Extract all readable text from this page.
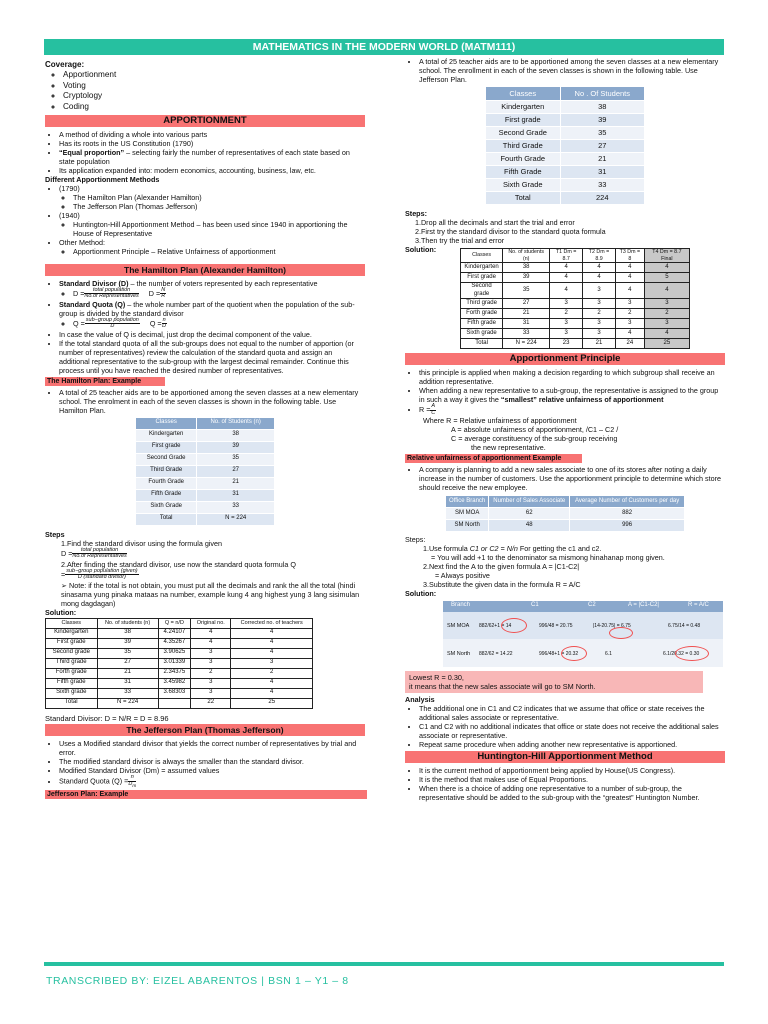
MATHEMATICS IN THE MODERN WORLD (MATM111)
Coverage:
◦ Apportionment
◦ Voting
◦ Cryptology
◦ Coding
APPORTIONMENT
• A method of dividing a whole into various parts
• Has its roots in the US Constitution (1790)
• “Equal proportion” – selecting fairly the number of representatives of each state based on state population
• Its application expanded into: modern economics, accounting, business, law, etc.
Different Apportionment Methods
• (1790)
◦ The Hamilton Plan (Alexander Hamilton)
◦ The Jefferson Plan (Thomas Jefferson)
• (1940)
◦ Huntington-Hill Apportionment Method – has been used since 1940 in apportioning the House of Representative
• Other Method:
◦ Apportionment Principle – Relative Unfairness of apportionment
The Hamilton Plan (Alexander Hamilton)
• Standard Divisor (D) – the number of voters represented by each representative
◦ $D = \frac{\text{total population}}{\text{No.of Representatives}}$ $D = \frac{N}{R}$
• Standard Quota (Q) – the whole number part of the quotient when the population of the sub-group is divided by the standard divisor
◦ $Q = \frac{\text{sub−group population}}{D}$ $Q = \frac{n}{D}$
• In case the value of Q is decimal, just drop the decimal component of the value.
• If the total standard quota of all the sub-groups does not equal to the number of apportion (or number of representatives) review the calculation of the standard quota and assign an additional representative to the sub-group with the largest decimal remainder. Continue this process until you have reached the desired number of representatives.
The Hamilton Plan: Example
• A total of 25 teacher aids are to be apportioned among the seven classes at a new elementary school. The enrolment in each of the seven classes is shown in the following table. Use Hamilton Plan.
Classes	No. of Students (n)
Kindergarten	38
First grade	39
Second Grade	35
Third Grade	27
Fourth Grade	21
Fifth Grade	31
Sixth Grade	33
Total	N = 224
Steps
1.Find the standard divisor using the formula given
$D = \frac{\text{total population}}{\text{No.of Representatives}}$
2.After finding the standard divisor, use now the standard quota formula Q
= $\frac{\text{sub−group population (given)}}{\text{D (standard divisor)}}$
➢ Note: if the total is not obtain, you must put all the decimals and rank the all the total (hindi sinasama yung pinaka mataas na number, example kung 4 ang highest yung 3 lang sisimulan mong dagdagan)
Solution:
Classes	No. of students (n)	Q = n/D	Original no.	Corrected no. of teachers
Kindergarten	38	4.24107	4	4
First grade	39	4.35267	4	4
Second grade	35	3.90625	3	4
Third grade	27	3.01339	3	3
Forth grade	21	2.34375	2	2
Fifth grade	31	3.45982	3	4
Sixth grade	33	3.68303	3	4
Total	N = 224		22	25
Standard Divisor: D = N/R = D = 8.96
The Jefferson Plan (Thomas Jefferson)
• Uses a Modified standard divisor that yields the correct number of representatives by trial and error.
• The modified standard divisor is always the smaller than the standard divisor.
• Modified Standard Divisor (Dm) = assumed values
• Standard Quota $(Q) = \frac{n}{D_m}$
Jefferson Plan: Example
• A total of 25 teacher aids are to be apportioned among the seven classes at a new elementary school. The enrollment in each of the seven classes is shown in the following table. Use Jefferson Plan.
Classes	No . Of Students
Kindergarten	38
First grade	39
Second Grade	35
Third Grade	27
Fourth Grade	21
Fifth Grade	31
Sixth Grade	33
Total	224
Steps:
1.Drop all the decimals and start the trial and error
2.First try the standard divisor to the standard quota formula
3.Then try the trial and error
Solution:
Classes	No. of students (n)	T1 Dm = 8.7	T2 Dm = 8.9	T3 Dm = 8	T4 Dm = 8.7 Final
Kindergarten	38	4	4	4	4
First grade	39	4	4	4	5
Second grade	35	4	3	4	4
Third grade	27	3	3	3	3
Forth grade	21	2	2	2	2
Fifth grade	31	3	3	3	3
Sixth grade	33	3	3	4	4
Total	N = 224	23	21	24	25
Apportionment Principle
• this principle is applied when making a decision regarding to which subgroup shall receive an addition representative.
• When adding a new representative to a sub-group, the representative is assigned to the group in such a way it gives the “smallest” relative unfairness of apportionment
• $R = \frac{A}{C}$
Where R = Relative unfairness of apportionment
A = absolute unfairness of apportionment, /C1 – C2 /
C = average constituency of the sub-group receiving
the new representative.
Relative unfairness of apportionment Example
• A company is planning to add a new sales associate to one of its stores after noting a daily increase in the number of customers. Use the apportionment principle to determine which store should receive the new employee.
Office Branch	Number of Sales Associate	Average Number of Customers per day
SM MOA	62	882
SM North	48	996
Steps:
1.Use formula C1 or C2 = N/n For getting the c1 and c2.
= You will add +1 to the denominator sa mismong hinahanap mong given.
2.Next find the A to the given formula A = |C1-C2|
= Always positive
3.Substitute the given data in the formula R = A/C
Solution:
Branch	C1	C2	A = |C1-C2|	R = A/C
SM MOA 882/62+1 = 14	996/48 = 20.75	|14-20.75| = 6.75	6.75/14 = 0.48
SM North 882/62 = 14.22	996/48+1 = 20.32	6.1	6.1/20.32 = 0.30
Lowest R = 0.30,
it means that the new sales associate will go to SM North.
Analysis
• The additional one in C1 and C2 indicates that we assume that office or state receives the additional sales associate or representative.
• C1 and C2 with no additional indicates that office or state does not receive the additional sales associate or representative.
• Repeat same procedure when adding another new representative is apportioned.
Huntington-Hill Apportionment Method
• It is the current method of apportionment being applied by House(US Congress).
• It is the method that makes use of Equal Proportions.
• When there is a choice of adding one representative to a number of sub-group, the representative should be added to the sub-group with the “greatest” Huntington Number.
TRANSCRIBED BY: EIZEL ABARENTOS | BSN 1 – Y1 – 8
